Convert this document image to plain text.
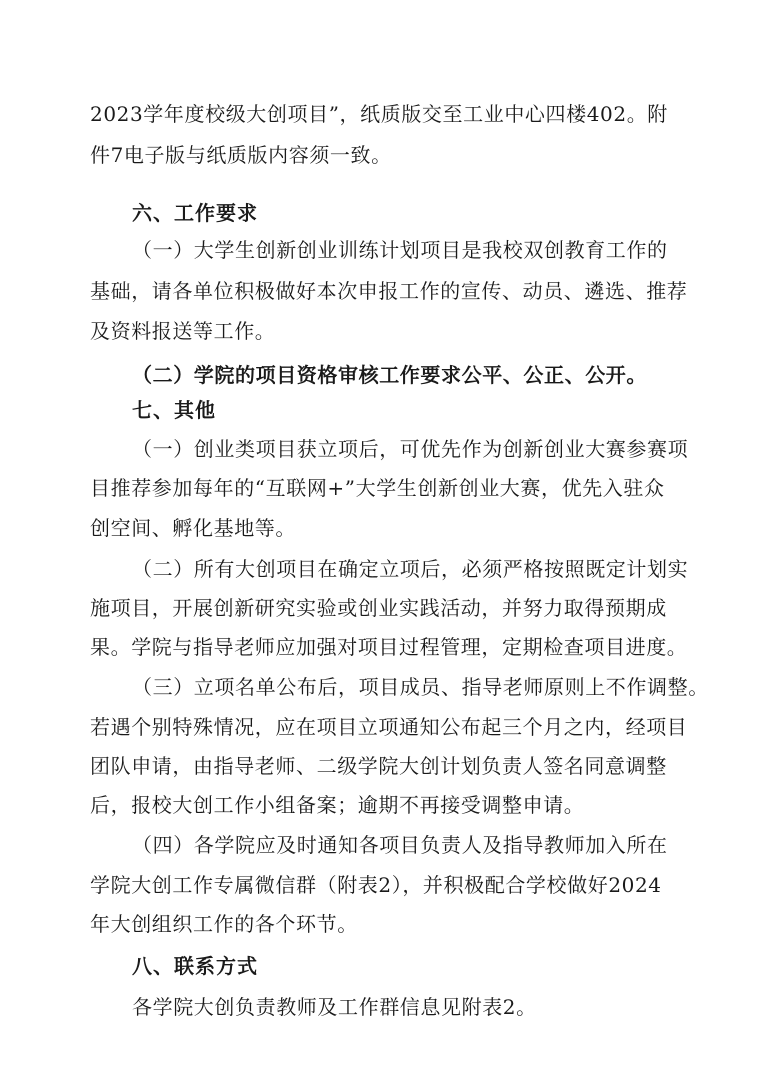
2023学年度校级大创项目”，纸质版交至工业中心四楼402。附
件7电子版与纸质版内容须一致。
六、工作要求
（一）大学生创新创业训练计划项目是我校双创教育工作的
基础，请各单位积极做好本次申报工作的宣传、动员、遴选、推荐
及资料报送等工作。
（二）学院的项目资格审核工作要求公平、公正、公开。
七、其他
（一）创业类项目获立项后，可优先作为创新创业大赛参赛项
目推荐参加每年的“互联网+”大学生创新创业大赛，优先入驻众
创空间、孵化基地等。
（二）所有大创项目在确定立项后，必须严格按照既定计划实
施项目，开展创新研究实验或创业实践活动，并努力取得预期成
果。学院与指导老师应加强对项目过程管理，定期检查项目进度。
（三）立项名单公布后，项目成员、指导老师原则上不作调整。
若遇个别特殊情况，应在项目立项通知公布起三个月之内，经项目
团队申请，由指导老师、二级学院大创计划负责人签名同意调整
后，报校大创工作小组备案；逾期不再接受调整申请。
（四）各学院应及时通知各项目负责人及指导教师加入所在
学院大创工作专属微信群（附表2），并积极配合学校做好2024
年大创组织工作的各个环节。
八、联系方式
各学院大创负责教师及工作群信息见附表2。
